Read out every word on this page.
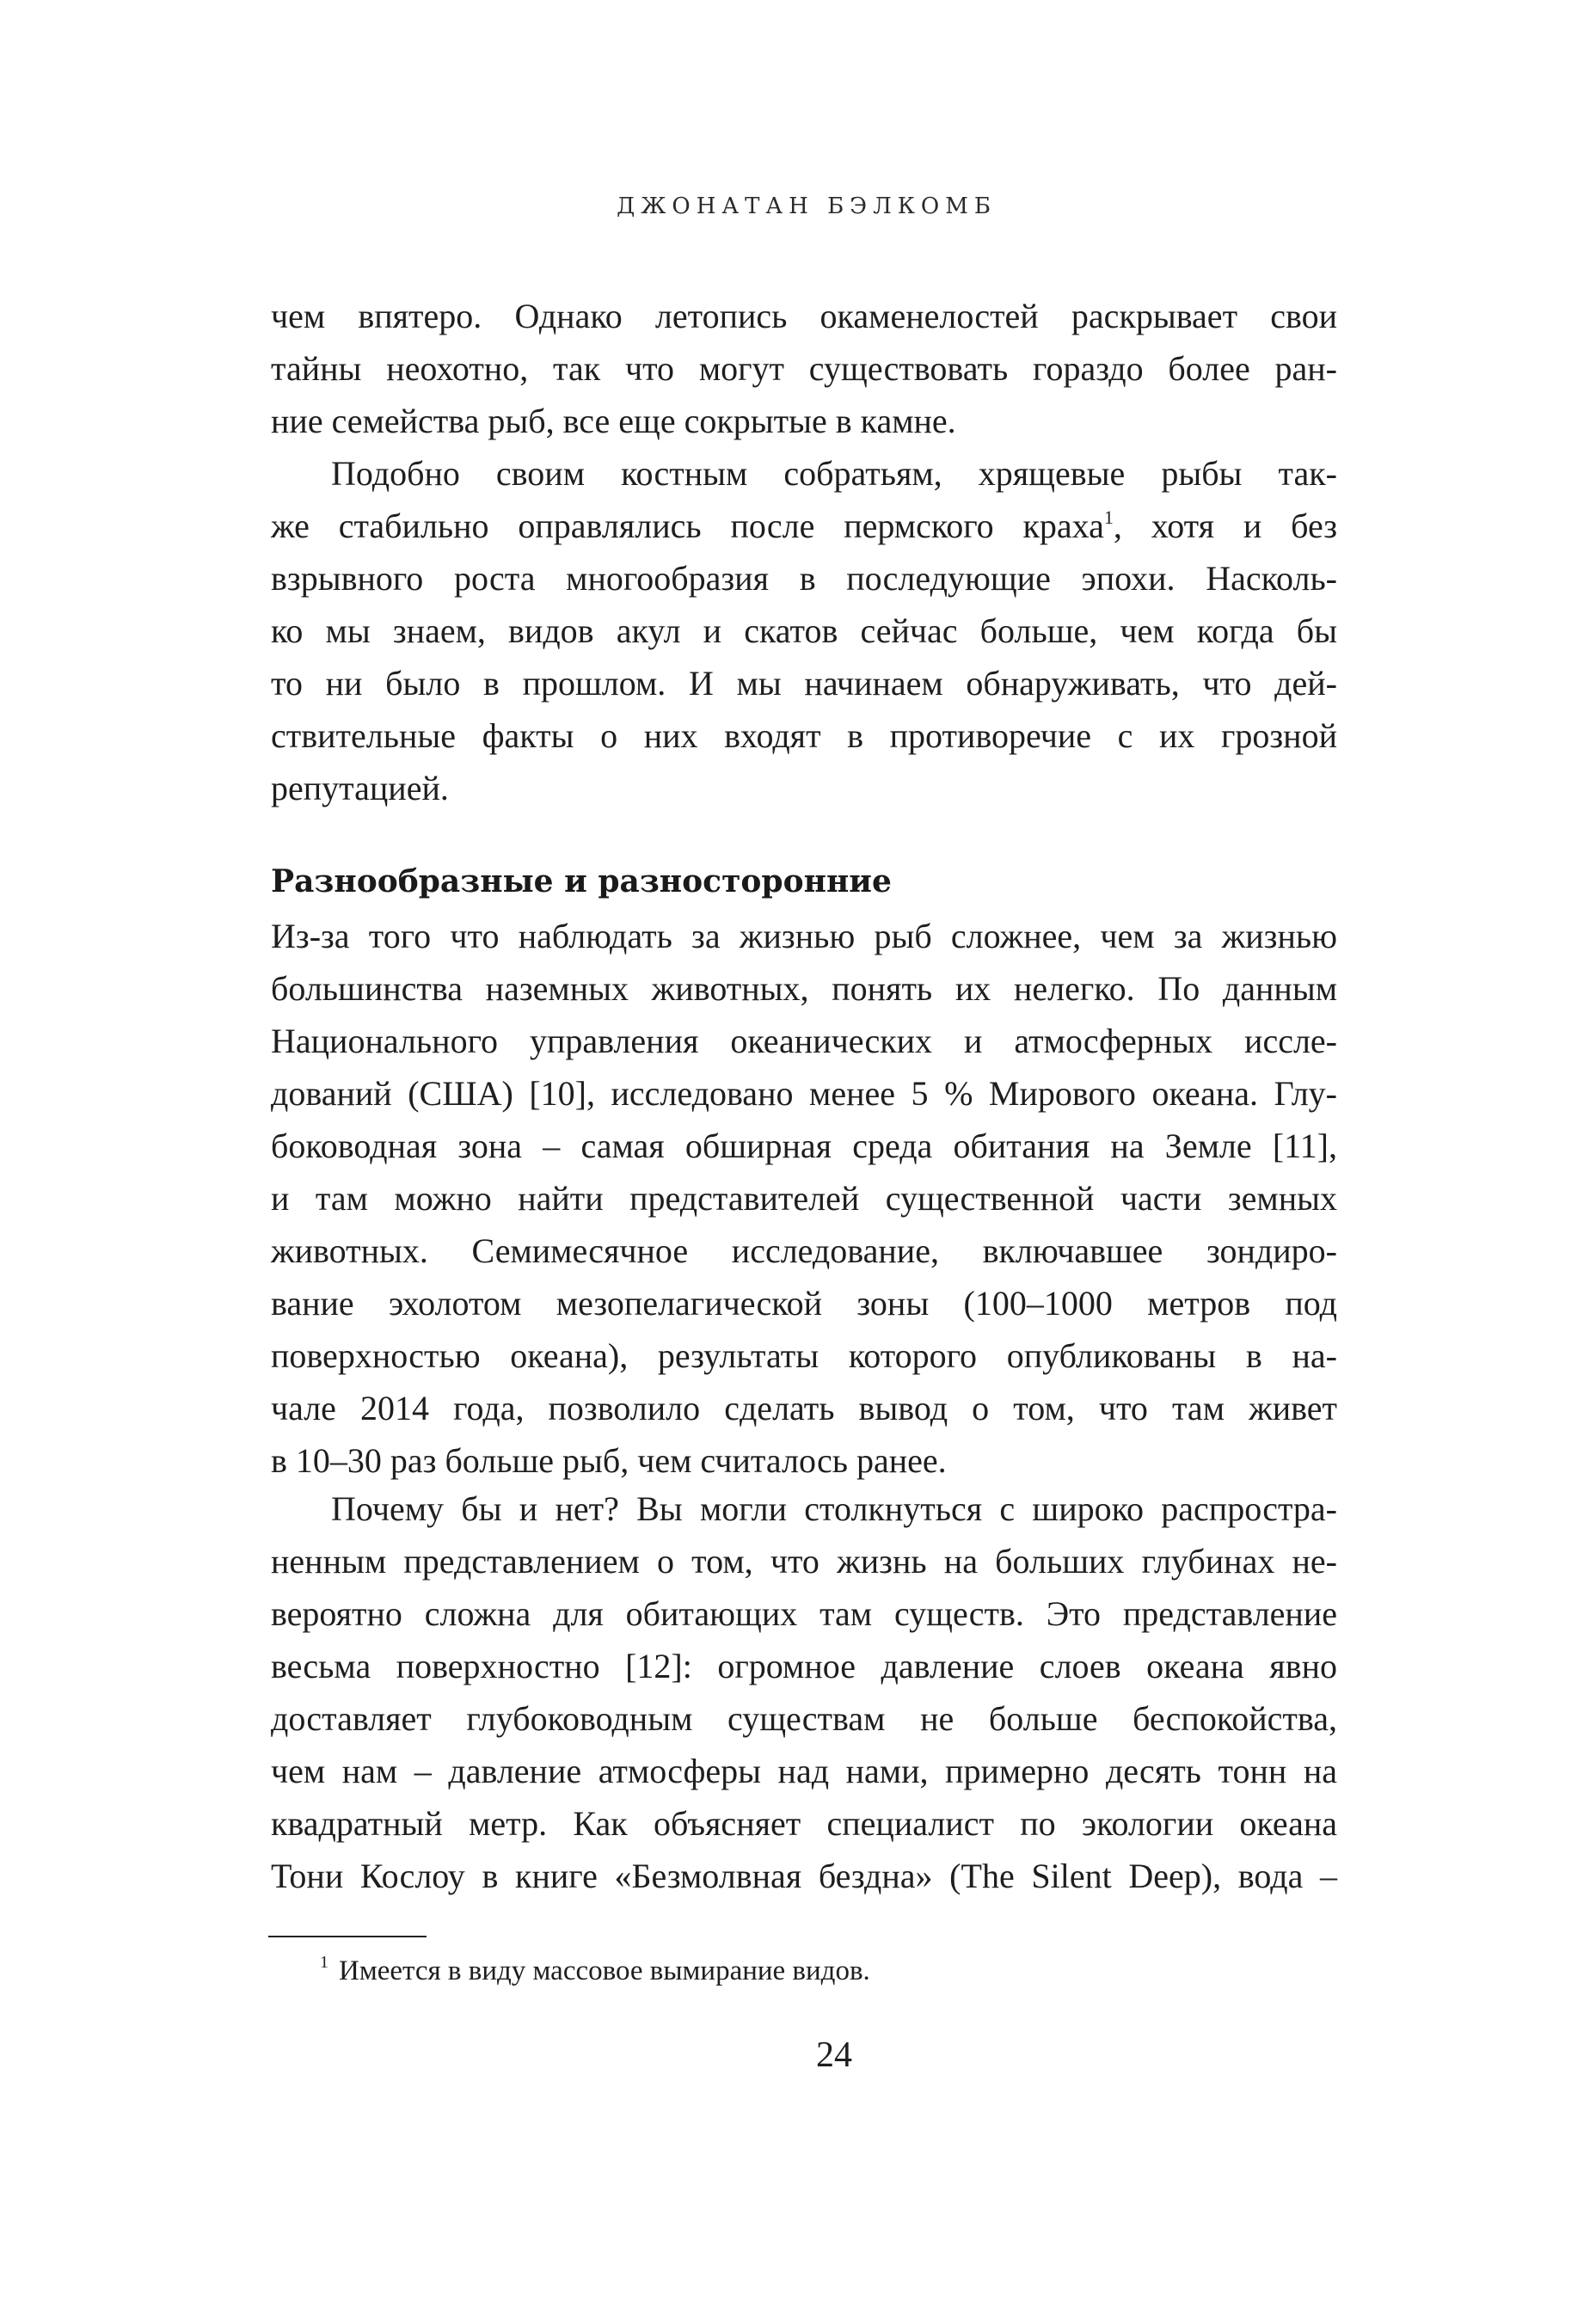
ДЖОНАТАН БЭЛКОМБ
чем впятеро. Однако летопись окаменелостей раскрывает свои
тайны неохотно, так что могут существовать гораздо более ран-
ние семейства рыб, все еще сокрытые в камне.
Подобно своим костным собратьям, хрящевые рыбы так-
же стабильно оправлялись после пермского краха$^1$, хотя и без
взрывного роста многообразия в последующие эпохи. Насколь-
ко мы знаем, видов акул и скатов сейчас больше, чем когда бы
то ни было в прошлом. И мы начинаем обнаруживать, что дей-
ствительные факты о них входят в противоречие с их грозной
репутацией.
Разнообразные и разносторонние
Из-за того что наблюдать за жизнью рыб сложнее, чем за жизнью
большинства наземных животных, понять их нелегко. По данным
Национального управления океанических и атмосферных иссле-
дований (США) [10], исследовано менее 5 % Мирового океана. Глу-
боководная зона – самая обширная среда обитания на Земле [11],
и там можно найти представителей существенной части земных
животных. Семимесячное исследование, включавшее зондиро-
вание эхолотом мезопелагической зоны (100–1000 метров под
поверхностью океана), результаты которого опубликованы в на-
чале 2014 года, позволило сделать вывод о том, что там живет
в 10–30 раз больше рыб, чем считалось ранее.
Почему бы и нет? Вы могли столкнуться с широко распростра-
ненным представлением о том, что жизнь на больших глубинах не-
вероятно сложна для обитающих там существ. Это представление
весьма поверхностно [12]: огромное давление слоев океана явно
доставляет глубоководным существам не больше беспокойства,
чем нам – давление атмосферы над нами, примерно десять тонн на
квадратный метр. Как объясняет специалист по экологии океана
Тони Кослоу в книге «Безмолвная бездна» (The Silent Deep), вода –
$^1$ Имеется в виду массовое вымирание видов.
24
